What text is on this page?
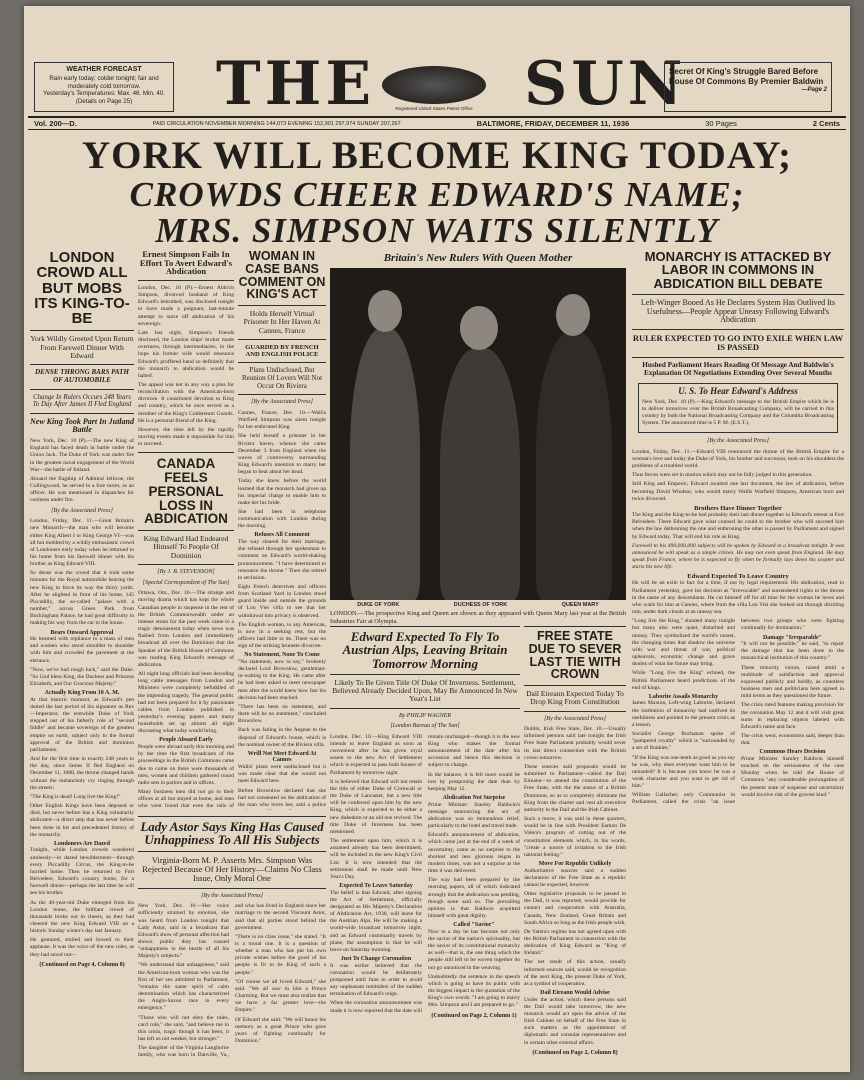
WEATHER FORECAST
Rain early today; colder tonight; fair and moderately cold tomorrow.
Yesterday's Temperatures: Max. 46. Min. 40.
(Details on Page 25)	THE	Registered United States Patent Office SUN
Secret Of King's Struggle Bared Before House Of Commons By Premier Baldwin
—Page 2
Vol. 200—D.	PAID CIRCULATION NOVEMBER MORNING 144,073 EVENING 152,901 297,974 SUNDAY 207,267	BALTIMORE, FRIDAY, DECEMBER 11, 1936	30 Pages	2 Cents
YORK WILL BECOME KING TODAY;
CROWDS CHEER EDWARD'S NAME;
MRS. SIMPSON WAITS SILENTLY
LONDON CROWD ALL BUT MOBS ITS KING-TO-BE
York Wildly Greeted Upon Return From Farewell Dinner With Edward
DENSE THRONG BARS PATH OF AUTOMOBILE
Change In Rulers Occurs 248 Years To Day After James II Fled England
New King Took Part In Jutland Battle

New York, Dec. 10 (P).—The new King of England has faced death in battle under the Union Jack. The Duke of York was under fire in the greatest naval engagement of the World War—the battle of Jutland.

Aboard the flagship of Admiral Jellicoe, the Collingwood, he served in a fore turret, as an officer. He was mentioned in dispatches for coolness under fire.

[By the Associated Press]

London, Friday, Dec. 11.—Great Britain's new Monarch—the man who will become either King Albert I or King George VI—was all but mobbed by a wildly enthusiastic crowd of Londoners early today when he returned to his home from his farewell dinner with his brother as King Edward VIII.

So dense was the crowd that it took some minutes for the Royal automobile bearing the new King to force its way the thirty yards. After he alighted in front of his home, 145 Piccadilly, the so-called "palace with a number," across Green Park from Buckingham Palace, he had great difficulty in making his way from the car to the house.

Bears Onward Approval

He beamed with repliance to a mass of men and women who stood shoulder to shoulder with him and crowded the pavement at the entrance.

"Now, we've had rough luck," said the Duke. "So God bless King, the Duchess and Princess Elizabeth, and Our Gracious Majesty."

Actually King From 10 A. M.

At that historic moment, as Edward's pen dotted the last period of his signature as Rex—Imperator, the erstwhile Duke of York stepped out of his fatherly role of "second fiddle" and became sovereign of the greatest empire on earth, subject only to the formal approval of the British and dominion parliaments.

And for the first time in exactly 248 years to the day, since James II fled England on December 11, 1688, the throne changed hands without the melancholy cry ringing through the streets:

"The King is dead! Long live the King!"

Other English Kings have been deposed or died, but never before has a King voluntarily abdicated—a direct step that has never before been done in his and precedented history of the monarchy.

Londoners Are Dazed

Tonight, while London crowds wandered aimlessly—in dazed bewilderment—through every Piccadilly Circus, the King-to-be hurried home. Then he returned to Fort Belvedere, Edward's country home, for a farewell dinner—perhaps the last time he will see his brother.

As the 40-year-old Duke emerged from his London home, the brilliant crowd of thousands broke out in cheers, as they had cheered the new King Edward VIII on a historic Sunday winter's day last January.

He gestured, smiled and bowed to their applause. It was the voice of the new ruler, as they had stood out—

(Continued on Page 4, Column 8)
Ernest Simpson Fails In Effort To Avert Edward's Abdication

London, Dec. 10 (P).—Ernest Aldrich Simpson, divorced husband of King Edward's betrothed, was disclosed tonight to have made a poignant, last-minute attempt to stave off abdication of his sovereign.

Late last night, Simpson's friends disclosed, the London ships' broker made overtures, through intermediaries, in the hope his former wife would renounce Edward's proffered hand so definitely that the monarch to abdication would be halted.

The appeal was not in any way a plea for reconciliation with the American-born divorcee. It constituted devotion to King and country, which he once served as a member of the King's Coldstream Guards. He is a personal friend of the King.

However, the time left by the rapidly moving events made it impossible for him to succeed.

CANADA FEELS PERSONAL LOSS IN ABDICATION
King Edward Had Endeared Himself To People Of Dominion
[By J. B. STEVENSON]
[Special Correspondent of The Sun]

Ottawa, Ont., Dec. 10.—The strange and moving drama which has kept the whole Canadian people in suspense in the rest of the British Commonwealth under an intense strain for the past week came to a tragic denouement today when news was flashed from London and immediately broadcast all over the Dominion that the Speaker of the British House of Commons was reading King Edward's message of abdication.

All night long officials had been decoding long cable messages from London and Ministers were completely befuddled of the impending tragedy. The general public had not been prepared for it by passionate cables from London published in yesterday's evening papers and many households set up almost all night discussing what today would bring.

People Aboard Early

People were abroad early this morning and by the time the first broadcasts of the proceedings in the British Commons came due to come on there were thousands of men, women and children gathered round radio sets in parlors and in offices.

Many business men did not go to their offices at all but stayed at home, and men who went found that even the rails of

WOMAN IN CASE BANS COMMENT ON KING'S ACT
Holds Herself Virtual Prisoner In Her Haven At Cannes, France
GUARDED BY FRENCH AND ENGLISH POLICE
Plans Undisclosed, But Reunion Of Lovers Will Not Occur On Riviera
[By the Associated Press]

Cannes, France, Dec. 10.—Wallis Warfield Simpson was silent tonight for her enthroned King.

She held herself a prisoner in her Riviera haven, whence she came December 3 from England when the waves of controversy surrounding King Edward's intention to marry her began to beat about her head.

Today she knew before the world learned that the monarch had given up his imperial charge to enable him to make her his bride.

She had been in telephone communication with London during the morning.

Refuses All Comment

The way cleared for their marriage, she refused through her spokesman to comment on Edward's world-shaking pronouncement. "I have determined to renounce the throne." Then she retired to seclusion.

Eight French detectives and officers from Scotland Yard in London stood guard inside and outside the grounds of Lou Viei villa to see that her withdrawal into privacy is observed.

The English woman, to any American, is now in a seeking rest, but the officers had little to do. There was no sign of the striking brunette divorcee.

No Statement, None To Come

"No statement, now to say," brokenly declared Lord Brownlow, gentleman-in-waiting to the King. He came after he had been asked to meet newspaper men after the world knew how fast his decision had been reached.

"There has been no statement, and there will be no statement," concluded Brownlow.

Back was fading in the Aegean to the disposal of Edward's house, which is the nominal owner of the Riviera villa.

Wrill Not Meet Edward At Cannes

Wallis' plans were undisclosed but it was made clear that she would not meet Edward here.

Before Brownlow declared that she had not consented on the abdication of the man who loves her, said a police

Lady Astor Says King Has Caused Unhappiness To All His Subjects
Virginia-Born M. P. Asserts Mrs. Simpson Was Rejected Because Of Her History—Claims No Class Issue, Only Moral One
[By the Associated Press]

New York, Dec. 10.—Her voice sufficiently strained by emotion, she was heard from London tonight that Lady Astor, said in a broadcast that Edward's show of personal affection had shown public duty has caused "unhappiness in the hearts of all his Majesty's subjects."

"We understand that unhappiness," said the American-born woman who was the first of her sex admitted to Parliament, "remains the same spirit of calm determination which has characterized the Anglo-Saxon race in every emergency."

"Those who will not obey the rules, can't rule," she said, "and believe me in this crisis, tragic though it has been, it has left us not weaker, but stronger."

The daughter of the Virginia Langhorne family, who was born in Danville, Va., and who has lived in England since her marriage to the second Viscount Astor, said that all parties stood behind the government.

"There is no class issue," she stated. "It is a moral one. It is a question of whether a man who has put his own private wishes before the good of his people is fit to be King of such a people."

"Of course we all loved Edward," she said. "We all saw in him a Prince Charming. But we must also realize that we have a far greater love—the Empire."

Of Edward she said: "We will honor his memory as a great Prince who gave years of fighting continually for Dominion."

Britain's New Rulers With Queen Mother
DUKE OF YORK	DUCHESS OF YORK	QUEEN MARY
LONDON.—The prospective King and Queen are shown as they appeared with Queen Mary last year at the British Industries Fair at Olympia.
Edward Expected To Fly To Austrian Alps, Leaving Britain Tomorrow Morning
Likely To Be Given Title Of Duke Of Inverness. Settlement, Believed Already Decided Upon, May Be Announced In New Year's List
By PHILIP WAGNER
[London Bureau of The Sun]

London, Dec. 10.—King Edward VIII intends to leave England as soon as convenient after he has given royal assent to the new Act of Settlement which is expected to pass both houses of Parliament by tomorrow night.

It is believed that Edward will not retain the title of either Duke of Cornwall or the Duke of Lancaster, but a new title will be conferred upon him by the new King, which is expected to be either a new dukedom or an old one revived. The title Duke of Inverness has been mentioned.

The settlement upon him, which it is assumed already has been determined, will be included in the new King's Civil List. It is now intended that the settlement shall be made until New Year's Day.

Expected To Leave Saturday

The belief is that Edward, after signing the Act of Settlement, officially designated as His Majesty's Declaration of Abdication Act, 1936, will leave for the Austrian Alps. He will be making a world-wide broadcast tomorrow night, and as Edward customarily travels by plane, the assumption is that he will leave on Saturday morning.

Just To Change Coronation

It was earlier believed that the coronation would be deliberately postponed until June in order to avoid any unpleasant reminders of the sudden termination of Edward's reign.

When the coronation announcement was made it is now reported that the date will remain unchanged—though it is the new King who makes the formal announcement of the date after his accession and hence this decision is subject to change.

In the balance, it is felt more would be lost by postponing the date than by keeping May 12.

Abdication Not Surprise

Prime Minister Stanley Baldwin's message announcing the act of abdication was so tremendous relief, particularly to the hotel and travel trade.

Edward's announcement of abdication, which came just at the end of a week of uncertainty, came as no surprise to the shortest and less glorious reigns in modern times, was not a surprise at the time it was delivered.

The way had been prepared by the morning papers, all of which indicated strongly that the abdication was pending, though none said so. The prevailing opinion is that Baldwin acquitted himself with great dignity.

Called "Savior"

Now in a day he has become not only the savior of the nation's spirituality, but the savior of its constitutional monarchy as well—that is, the one thing which the people still left to be woven together do not go unnoticed in the weaving.

Undoubtedly the sentence in the speech which is going to have its public with the biggest impact is the quotation of the King's own words: "I am going to marry Mrs. Simpson and I am prepared to go."

(Continued on Page 2, Column 1)
FREE STATE DUE TO SEVER LAST TIE WITH CROWN
Dail Eireann Expected Today To Drop King From Constitution
[By the Associated Press]

Dublin, Irish Free State, Dec. 10.—Usually informed persons said late tonight the Irish Free State Parliament probably would sever its last direct connection with the British crown tomorrow.

These sources said proposals would be submitted to Parliament—called the Dail Eireann—to amend the constitution of the Free State, with the the status of a British Dominion, so as to completely eliminate the King from the charter and vest all executive authority in the Dail and the Irish Cabinet.

Such a move, it was said in these quarters, would be in line with President Eamon De Valera's program of cutting out of the constitution elements which, in his words, "create a source of irritation to the Irish national feeling."

Move For Republic Unlikely

Authoritative sources said a sudden declaration of the Free State as a republic cannot be expected, however.

Other legislative proposals to be passed in the Dail, it was reported, would provide for contact and cooperation with Australia, Canada, New Zealand, Great Britain and South Africa so long as the Irish people wish.

De Valera's regime has not agreed upon with the British Parliament in connection with the abdication of King Edward as "King of Ireland."

The net result of this action, usually informed sources said, would be recognition of the next King, the present Duke of York, as a symbol of cooperation.

Dail Eireann Would Advise

Under the action, which these persons said the Dail would take tomorrow, the new monarch would act upon the advice of the Irish Cabinet on behalf of the Free State in such matters as the appointment of diplomatic and consular representatives and in certain other external affairs.

(Continued on Page 2, Column 8)
MONARCHY IS ATTACKED BY LABOR IN COMMONS IN ABDICATION BILL DEBATE
Left-Winger Booed As He Declares System Has Outlived Its Usefulness—People Appear Uneasy Following Edward's Abdication
RULER EXPECTED TO GO INTO EXILE WHEN LAW IS PASSED
Hushed Parliament Hears Reading Of Message And Baldwin's Explanation Of Negotiations Extending Over Several Months
U. S. To Hear Edward's Address

New York, Dec. 10 (P).—King Edward's message to the British Empire which he is to deliver tomorrow over the British Broadcasting Company, will be carried in this country by both the National Broadcasting Company and the Columbia Broadcasting System. The announced time is 5 P. M. (E.S.T.).

[By the Associated Press]

London, Friday, Dec. 11.—Edward VIII renounced the throne of the British Empire for a woman's love and today the Duke of York, his brother and successor, took on his shoulders the problems of a troubled world.

Thus forces were set in motion which may not be fully judged in this generation.

Still King and Emperor, Edward awaited one last document, the law of abdication, before becoming David Windsor, who would marry Wallis Warfield Simpson, American born and twice divorced.

Brothers Have Dinner Together

The King and the King-to-be had probably their last dinner together in Edward's retreat at Fort Belvedere. There Edward gave what counsel he could to the brother who will succeed him when the law dethroning the one and enthroning the other is passed by Parliament and signed by Edward today. That will end his role as King.

Farewell to his 490,000,000 subjects will be spoken by Edward in a broadcast tonight. It was announced he will speak as a simple citizen. He may not even speak from England. He may speak from France, where he is expected to fly when he formally lays down his scepter and starts his new life.

Edward Expected To Leave Country

He will be an exile in fact for a time, if not by legal requirement. His abdication, read in Parliament yesterday, gave his decision as "irrevocable" and surrendered rights to the throne in the name of any descendants. He cut himself off for all time for the woman he loves and who waits for him at Cannes, where from the villa Lou Viei she looked out through drizzling rain, under dark clouds at an uneasy sea.

"Long live the King," shouted many tonight but many also were quiet, disturbed and uneasy. They symbolized the world's unrest, the changing times that shadow the universe with war and threat of war, political upheavals, economic change and grave doubts of what the future may bring.

While "Long live the King" echoed, the British Parliament heard predictions of the end of kings.

Laborite Assails Monarchy

James Maxton, Left-wing Laborite, declared the institution of monarchy had outlived its usefulness and pointed to the present crisis as a lesson.

Socialist George Buchanan spoke of "pampered royalty" which is "surrounded by a set of flunkies."

"If the King was one-tenth as good as you say he was, why does everyone want him to be unloaded? It is because you know he was a weak character and you want to get rid of him."

William Gallacher, only Communist in Parliament, called the crisis "an issue between two groups who were fighting continually for domination."

Damage "Irreparable"

"It will not be possible," he said, "to repair the damage that has been done to the monarchical institution of this country."

These minority voices, raised amid a multitude of satisfaction and approval expressed publicly and boldly, as countless business men and politicians here agreed in mild terms as they questioned the future.

The crisis rated features making provision for the coronation May 12 and it will visit great sums in replacing objects labeled with Edward's name and face.

The crisis went, economists said, deeper than that.

Commons Hears Decision

Prime Minister Stanley Baldwin himself touched on the seriousness of the case Monday when he told the House of Commons "any considerable prolongation of the present state of suspense and uncertainty would involve risk of the gravest kind."
